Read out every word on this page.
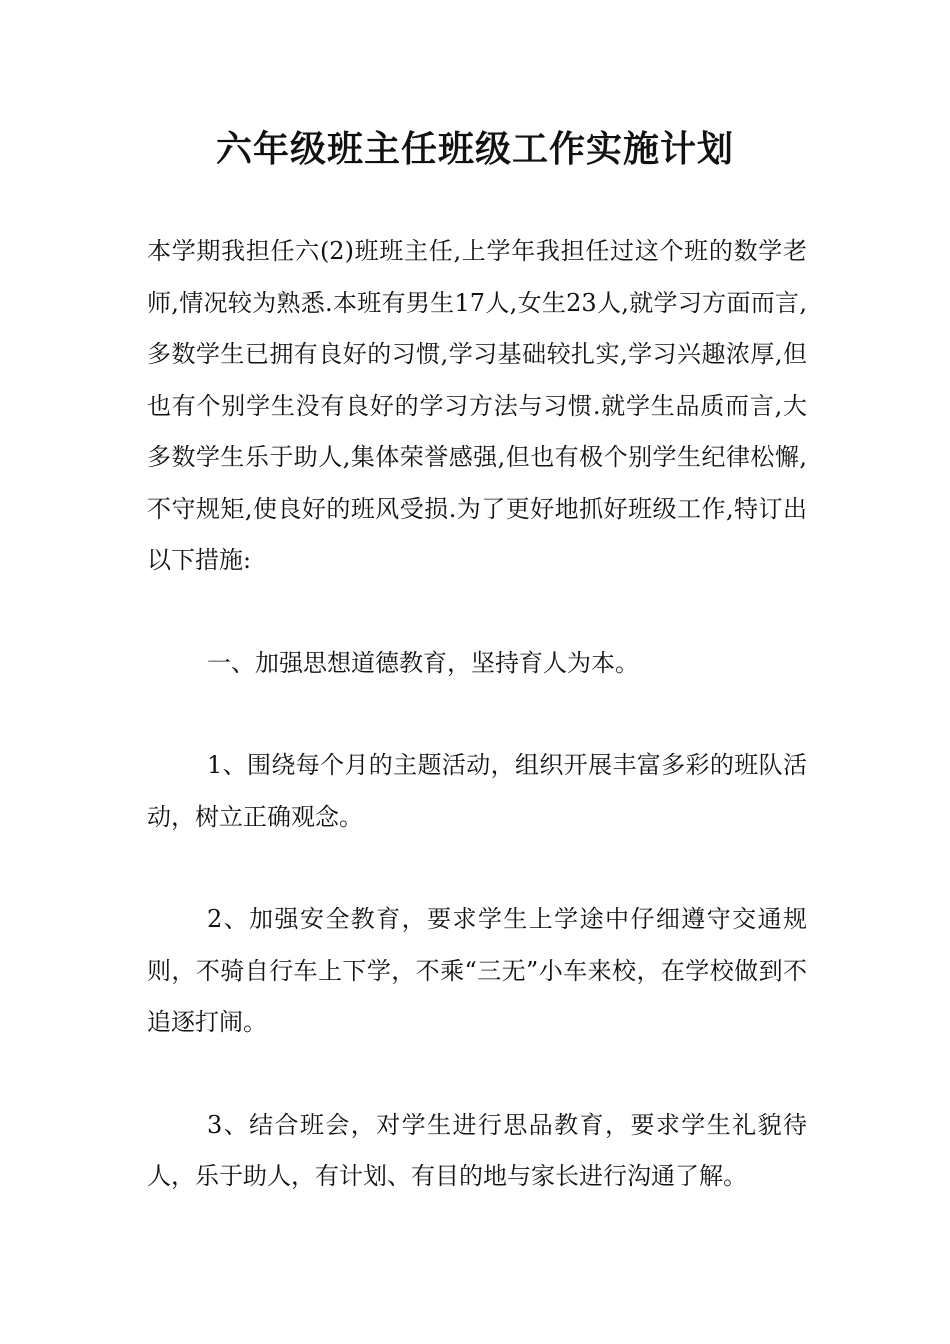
六年级班主任班级工作实施计划

本学期我担任六(2)班班主任,上学年我担任过这个班的数学老师,情况较为熟悉.本班有男生17人,女生23人,就学习方面而言,多数学生已拥有良好的习惯,学习基础较扎实,学习兴趣浓厚,但也有个别学生没有良好的学习方法与习惯.就学生品质而言,大多数学生乐于助人,集体荣誉感强,但也有极个别学生纪律松懈,不守规矩,使良好的班风受损.为了更好地抓好班级工作,特订出以下措施:

一、加强思想道德教育，坚持育人为本。

1、围绕每个月的主题活动，组织开展丰富多彩的班队活动，树立正确观念。

2、加强安全教育，要求学生上学途中仔细遵守交通规则，不骑自行车上下学，不乘“三无”小车来校，在学校做到不追逐打闹。

3、结合班会，对学生进行思品教育，要求学生礼貌待人，乐于助人，有计划、有目的地与家长进行沟通了解。
